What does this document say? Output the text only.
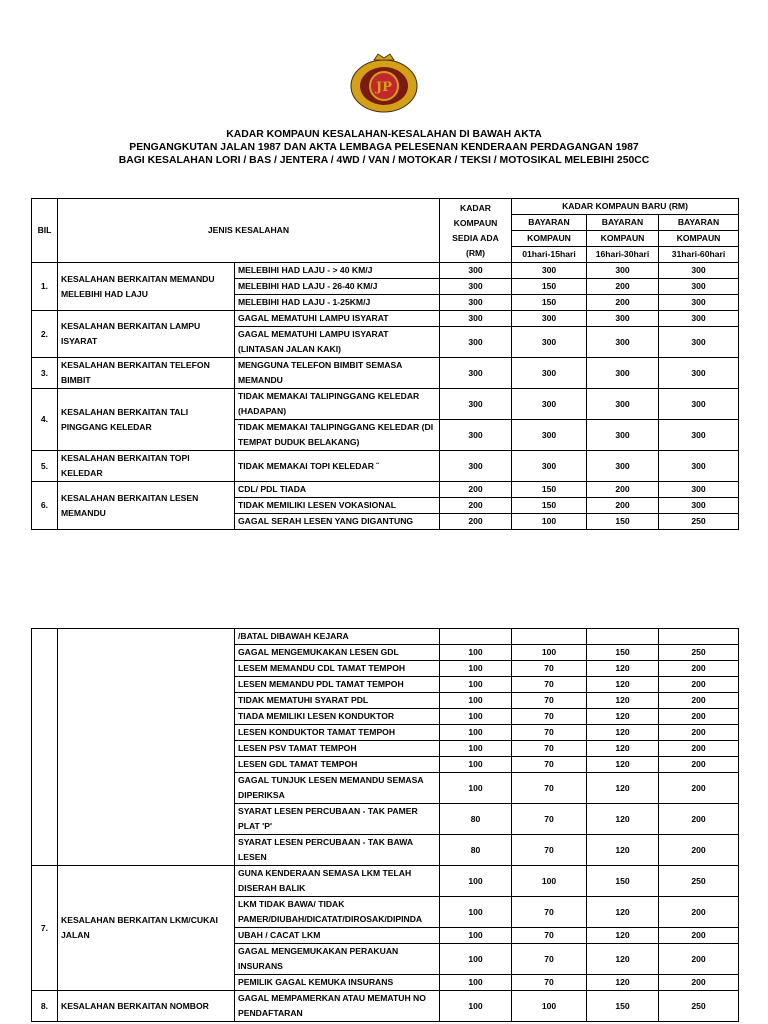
JP
KADAR KOMPAUN KESALAHAN-KESALAHAN DI BAWAH AKTA
PENGANGKUTAN JALAN 1987 DAN AKTA LEMBAGA PELESENAN KENDERAAN PERDAGANGAN 1987
BAGI KESALAHAN LORI / BAS / JENTERA / 4WD / VAN / MOTOKAR / TEKSI / MOTOSIKAL MELEBIHI 250CC
BIL	JENIS KESALAHAN		KADAR
KOMPAUN
SEDIA ADA
(RM)	KADAR KOMPAUN BARU (RM)		
				BAYARAN	BAYARAN	BAYARAN
				KOMPAUN	KOMPAUN	KOMPAUN
				01hari-15hari	16hari-30hari	31hari-60hari
1.	KESALAHAN BERKAITAN MEMANDU MELEBIHI HAD LAJU	MELEBIHI HAD LAJU - > 40 KM/J	300	300	300	300
		MELEBIHI HAD LAJU - 26-40 KM/J	300	150	200	300
		MELEBIHI HAD LAJU - 1-25KM/J	300	150	200	300
2.	KESALAHAN BERKAITAN LAMPU ISYARAT	GAGAL MEMATUHI LAMPU ISYARAT	300	300	300	300
		GAGAL MEMATUHI LAMPU ISYARAT (LINTASAN JALAN KAKI)	300	300	300	300
3.	KESALAHAN BERKAITAN TELEFON BIMBIT	MENGGUNA TELEFON BIMBIT SEMASA MEMANDU	300	300	300	300
4.	KESALAHAN BERKAITAN TALI PINGGANG KELEDAR	TIDAK MEMAKAI TALIPINGGANG KELEDAR (HADAPAN)	300	300	300	300
		TIDAK MEMAKAI TALIPINGGANG KELEDAR (DI TEMPAT DUDUK BELAKANG)	300	300	300	300
5.	KESALAHAN BERKAITAN TOPI KELEDAR	TIDAK MEMAKAI TOPI KELEDAR ˝	300	300	300	300
6.	KESALAHAN BERKAITAN LESEN MEMANDU	CDL/ PDL TIADA	200	150	200	300
		TIDAK MEMILIKI LESEN VOKASIONAL	200	150	200	300
		GAGAL SERAH LESEN YANG DIGANTUNG	200	100	150	250
		/BATAL DIBAWAH KEJARA				
		GAGAL MENGEMUKAKAN LESEN GDL	100	100	150	250
		LESEM MEMANDU CDL TAMAT TEMPOH	100	70	120	200
		LESEN MEMANDU PDL TAMAT TEMPOH	100	70	120	200
		TIDAK MEMATUHI SYARAT PDL	100	70	120	200
		TIADA MEMILIKI LESEN KONDUKTOR	100	70	120	200
		LESEN KONDUKTOR TAMAT TEMPOH	100	70	120	200
		LESEN PSV TAMAT TEMPOH	100	70	120	200
		LESEN GDL TAMAT TEMPOH	100	70	120	200
		GAGAL TUNJUK LESEN MEMANDU SEMASA DIPERIKSA	100	70	120	200
		SYARAT LESEN PERCUBAAN - TAK PAMER PLAT 'P'	80	70	120	200
		SYARAT LESEN PERCUBAAN - TAK BAWA LESEN	80	70	120	200
7.	KESALAHAN BERKAITAN LKM/CUKAI JALAN	GUNA KENDERAAN SEMASA LKM TELAH DISERAH BALIK	100	100	150	250
		LKM TIDAK BAWA/ TIDAK PAMER/DIUBAH/DICATAT/DIROSAK/DIPINDA	100	70	120	200
		UBAH / CACAT LKM	100	70	120	200
		GAGAL MENGEMUKAKAN PERAKUAN INSURANS	100	70	120	200
		PEMILIK GAGAL KEMUKA INSURANS	100	70	120	200
8.	KESALAHAN BERKAITAN NOMBOR	GAGAL MEMPAMERKAN ATAU MEMATUH NO PENDAFTARAN	100	100	150	250
